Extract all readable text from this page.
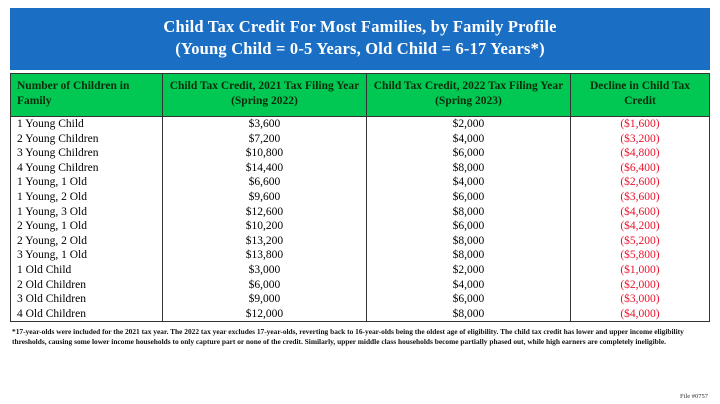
Child Tax Credit For Most Families, by Family Profile
(Young Child = 0-5 Years, Old Child = 6-17 Years*)
Number of Children in Family	Child Tax Credit, 2021 Tax Filing Year (Spring 2022)	Child Tax Credit, 2022 Tax Filing Year (Spring 2023)	Decline in Child Tax Credit
1 Young Child	$3,600	$2,000	($1,600)
2 Young Children	$7,200	$4,000	($3,200)
3 Young Children	$10,800	$6,000	($4,800)
4 Young Children	$14,400	$8,000	($6,400)
1 Young, 1 Old	$6,600	$4,000	($2,600)
1 Young, 2 Old	$9,600	$6,000	($3,600)
1 Young, 3 Old	$12,600	$8,000	($4,600)
2 Young, 1 Old	$10,200	$6,000	($4,200)
2 Young, 2 Old	$13,200	$8,000	($5,200)
3 Young, 1 Old	$13,800	$8,000	($5,800)
1 Old Child	$3,000	$2,000	($1,000)
2 Old Children	$6,000	$4,000	($2,000)
3 Old Children	$9,000	$6,000	($3,000)
4 Old Children	$12,000	$8,000	($4,000)
*17-year-olds were included for the 2021 tax year. The 2022 tax year excludes 17-year-olds, reverting back to 16-year-olds being the oldest age of eligibility. The child tax credit has lower and upper income eligibility thresholds, causing some lower income households to only capture part or none of the credit. Similarly, upper middle class households become partially phased out, while high earners are completely ineligible.
File #0757
